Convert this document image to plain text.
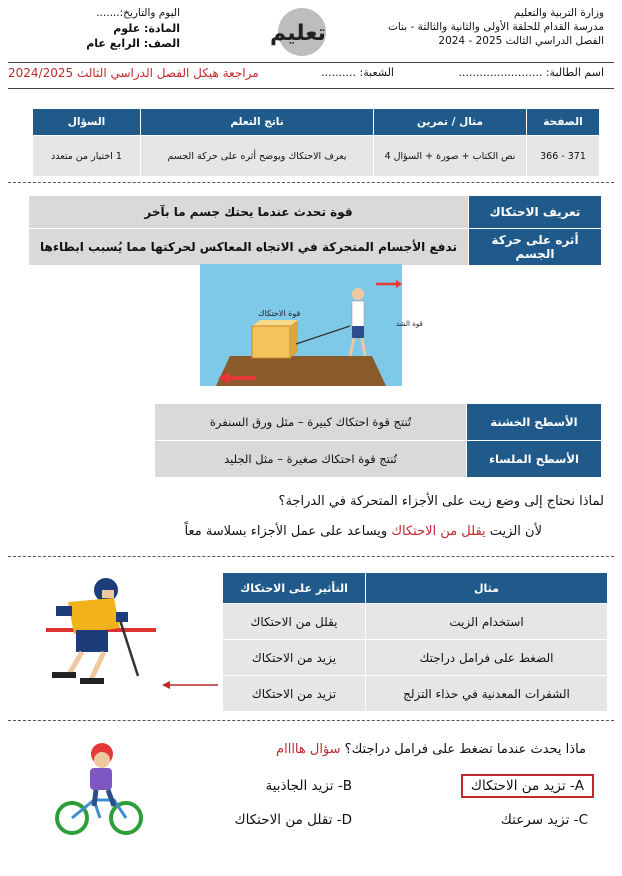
وزارة التربية والتعليم
مدرسة القدام للحلقة الأولى والثانية والثالثة - بنات
الفصل الدراسي الثالث 2025 - 2024
تعليم
اليوم والتاريخ:.......
المادة: علوم
الصف: الرابع عام
اسم الطالبة: ........................
الشعبة: ..........
مراجعة هيكل الفصل الدراسي الثالث 2024/2025
الصفحة	مثال / تمرين	ناتج التعلم	السؤال
371 - 366	نص الكتاب + صورة + السؤال 4	يعرف الاحتكاك ويوضح أثره على حركة الجسم	1 اختيار من متعدد
تعريف الاحتكاك	قوة تحدث عندما يحتك جسم ما بآخر
أثره على حركة الجسم	تدفع الأجسام المتحركة في الاتجاه المعاكس لحركتها مما يُسبب ابطاءها
قوة الاحتكاك
قوة الشد
الأسطح الخشنة	تُنتج قوة احتكاك كبيرة – مثل ورق السنفرة
الأسطح الملساء	تُنتج قوة احتكاك صغيرة – مثل الجليد
لماذا نحتاج إلى وضع زيت على الأجزاء المتحركة في الدراجة؟
لأن الزيت يقلل من الاحتكاك ويساعد على عمل الأجزاء بسلاسة معاً
مثال	التأثير على الاحتكاك
استخدام الزيت	يقلل من الاحتكاك
الضغط على فرامل دراجتك	يزيد من الاحتكاك
الشفرات المعدنية في حذاء التزلج	تزيد من الاحتكاك
ماذا يحدث عندما تضغط على فرامل دراجتك؟ سؤال هاااام
A- تزيد من الاحتكاك
B- تزيد الجاذبية
C- تزيد سرعتك
D- تقلل من الاحتكاك
